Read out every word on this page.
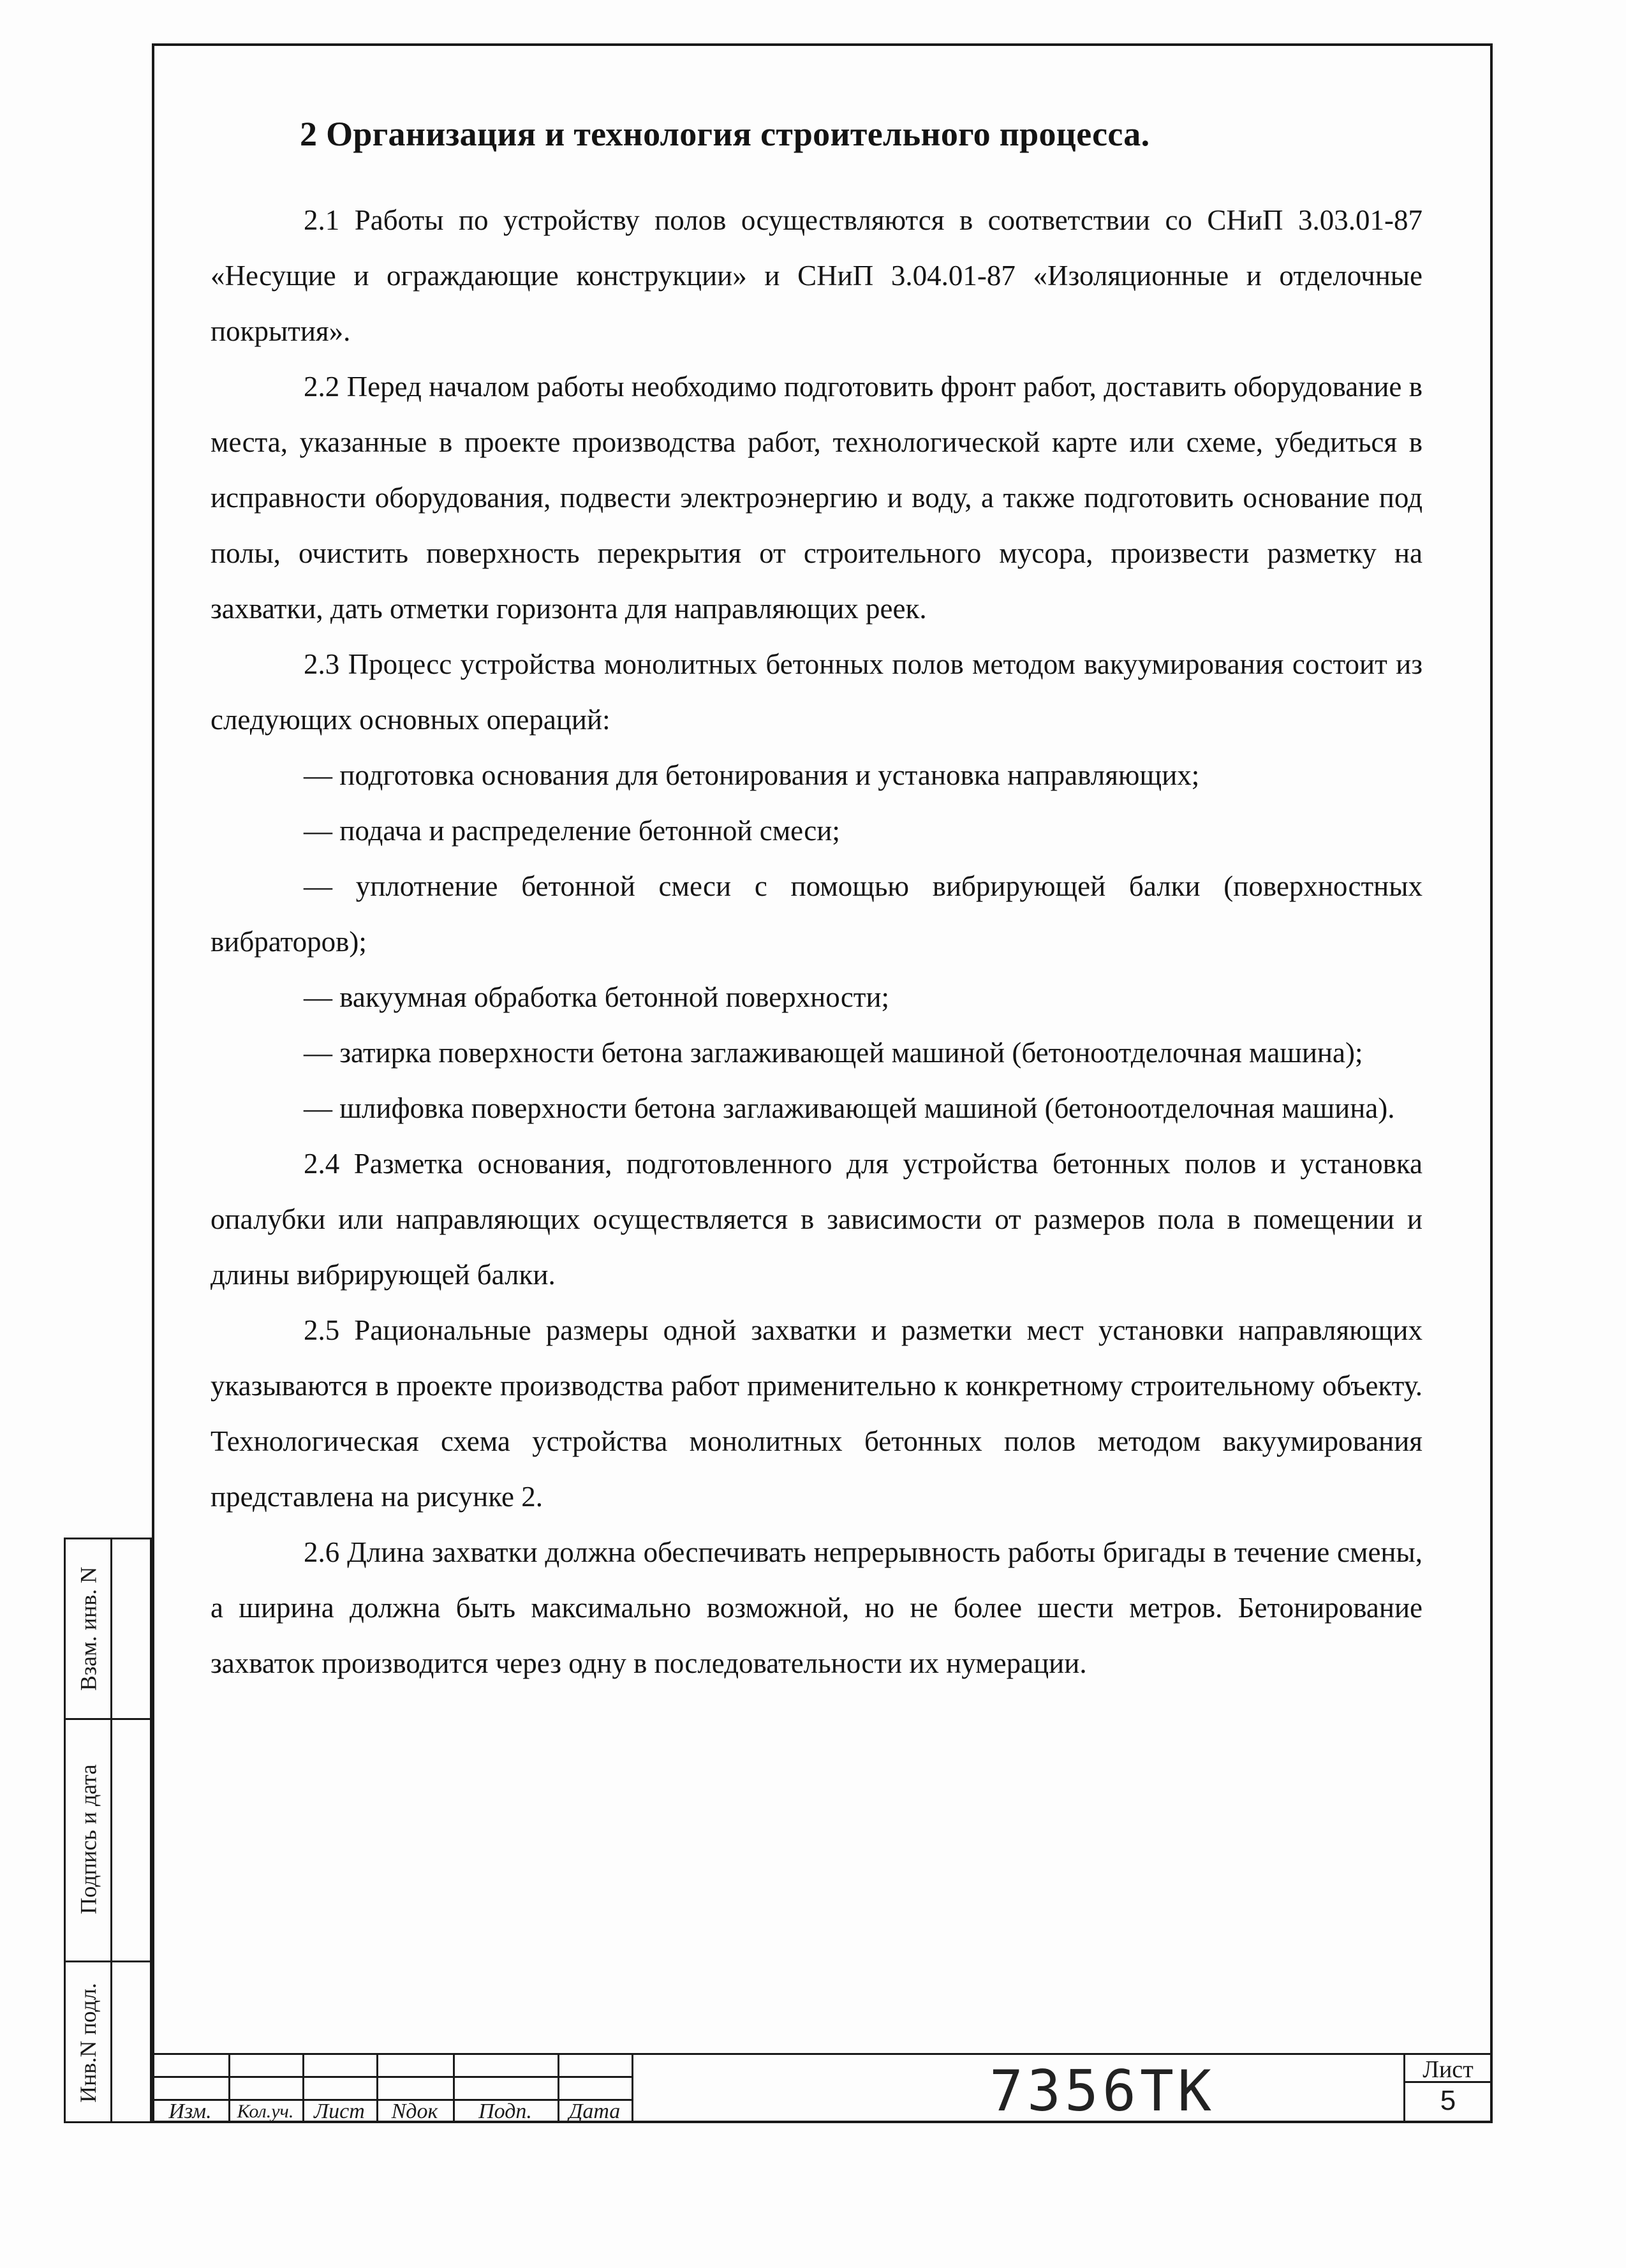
2 Организация и технология строительного процесса.

2.1 Работы по устройству полов осуществляются в соответствии со СНиП 3.03.01-87 «Несущие и ограждающие конструкции» и СНиП 3.04.01-87 «Изоляционные и отделочные покрытия».

2.2 Перед началом работы необходимо подготовить фронт работ, доставить оборудование в места, указанные в проекте производства работ, технологической карте или схеме, убедиться в исправности оборудования, подвести электроэнергию и воду, а также подготовить основание под полы, очистить поверхность перекрытия от строительного мусора, произвести разметку на захватки, дать отметки горизонта для направляющих реек.

2.3 Процесс устройства монолитных бетонных полов методом вакуумирования состоит из следующих основных операций:

— подготовка основания для бетонирования и установка направляющих;

— подача и распределение бетонной смеси;

— уплотнение бетонной смеси с помощью вибрирующей балки (поверхностных вибраторов);

— вакуумная обработка бетонной поверхности;

— затирка поверхности бетона заглаживающей машиной (бетоноотделочная машина);

— шлифовка поверхности бетона заглаживающей машиной (бетоноотделочная машина).

2.4 Разметка основания, подготовленного для устройства бетонных полов и установка опалубки или направляющих осуществляется в зависимости от размеров пола в помещении и длины вибрирующей балки.

2.5 Рациональные размеры одной захватки и разметки мест установки направляющих указываются в проекте производства работ применительно к конкретному строительному объекту. Технологическая схема устройства монолитных бетонных полов методом вакуумирования представлена на рисунке 2.

2.6 Длина захватки должна обеспечивать непрерывность работы бригады в течение смены, а ширина должна быть максимально возможной, но не более шести метров. Бетонирование захваток производится через одну в последовательности их нумерации.

Взам. инв. N
Подпись и дата
Инв.N подл.
Изм.	Кол.уч. Лист	Nдок	Подп.	Дата	7356ТК	Лист
5
